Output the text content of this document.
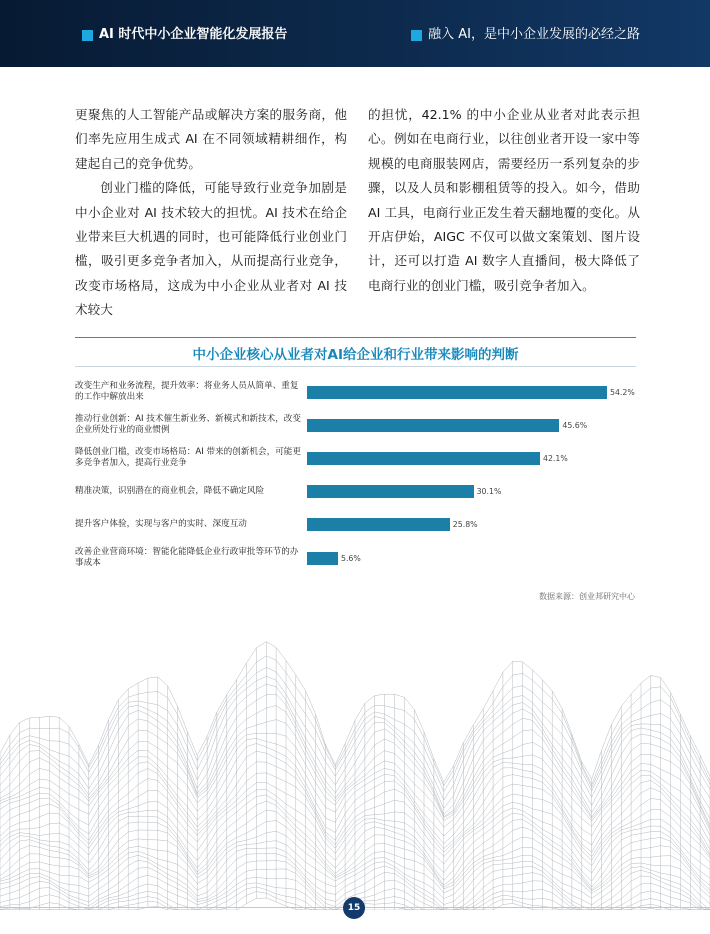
AI 时代中小企业智能化发展报告	融入 AI，是中小企业发展的必经之路

更聚焦的人工智能产品或解决方案的服务商，他们率先应用生成式 AI 在不同领域精耕细作，构建起自己的竞争优势。

创业门槛的降低，可能导致行业竞争加剧是中小企业对 AI 技术较大的担忧。AI 技术在给企业带来巨大机遇的同时，也可能降低行业创业门槛，吸引更多竞争者加入，从而提高行业竞争，改变市场格局，这成为中小企业从业者对 AI 技术较大

的担忧，42.1% 的中小企业从业者对此表示担心。例如在电商行业，以往创业者开设一家中等规模的电商服装网店，需要经历一系列复杂的步骤，以及人员和影棚租赁等的投入。如今，借助 AI 工具，电商行业正发生着天翻地覆的变化。从开店伊始，AIGC 不仅可以做文案策划、图片设计，还可以打造 AI 数字人直播间，极大降低了电商行业的创业门槛，吸引竞争者加入。

中小企业核心从业者对AI给企业和行业带来影响的判断
改变生产和业务流程，提升效率：将业务人员从简单、重复的工作中解放出来	54.2%
推动行业创新：AI 技术催生新业务、新模式和新技术，改变企业所处行业的商业惯例	45.6%
降低创业门槛，改变市场格局：AI 带来的创新机会，可能更多竞争者加入，提高行业竞争	42.1%
精准决策，识别潜在的商业机会，降低不确定风险	30.1%
提升客户体验，实现与客户的实时、深度互动	25.8%
改善企业营商环境：智能化能降低企业行政审批等环节的办事成本	5.6%
数据来源：创业邦研究中心
15
